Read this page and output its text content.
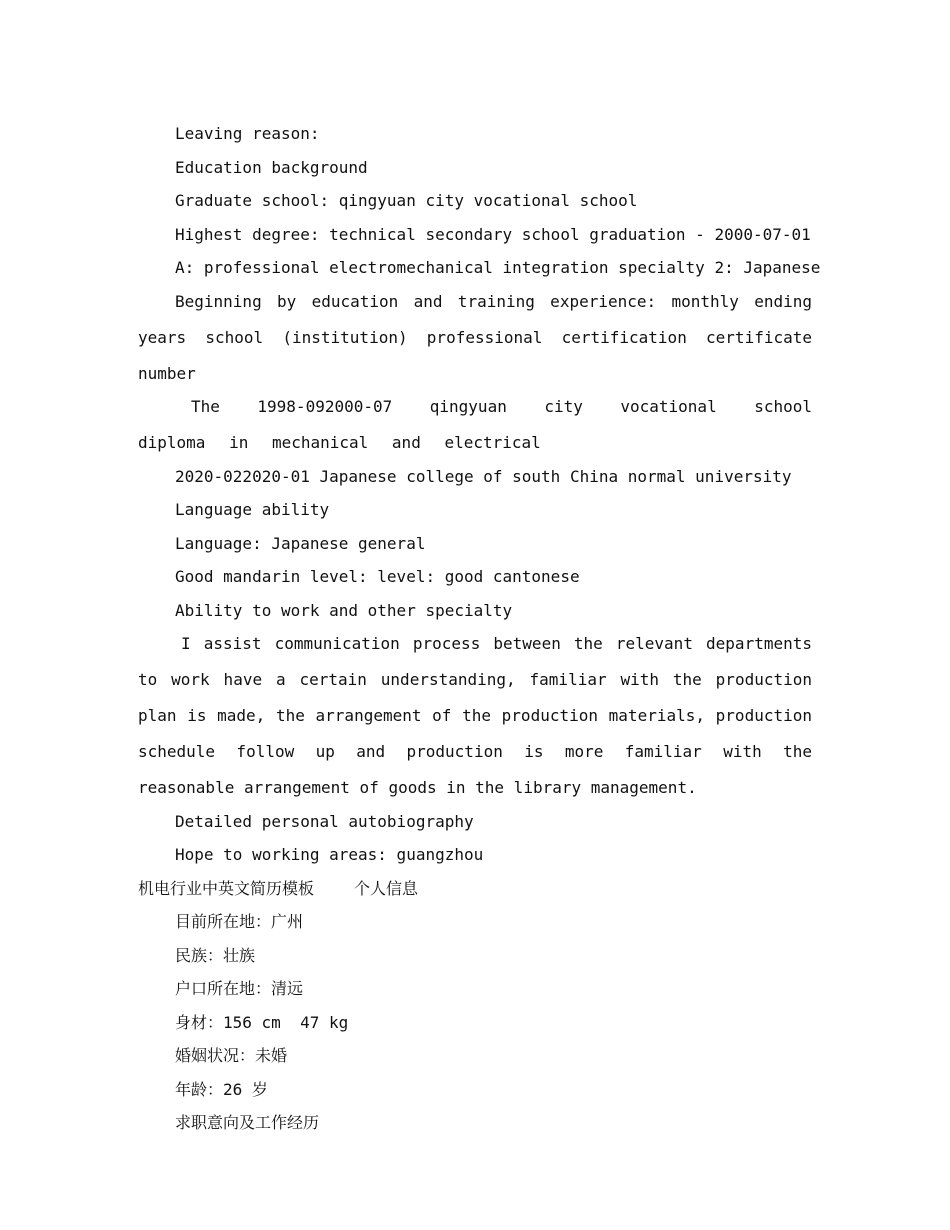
Leaving reason:

Education background

Graduate school: qingyuan city vocational school

Highest degree: technical secondary school graduation - 2000-07-01

A: professional electromechanical integration specialty 2: Japanese

Beginning by education and training experience: monthly ending years school (institution) professional certification certificate number

The 1998-092000-07 qingyuan city vocational school diploma in mechanical and electrical

2020-022020-01 Japanese college of south China normal university

Language ability

Language: Japanese general

Good mandarin level: level: good cantonese

Ability to work and other specialty

I assist communication process between the relevant departments to work have a certain understanding, familiar with the production plan is made, the arrangement of the production materials, production schedule follow up and production is more familiar with the reasonable arrangement of goods in the library management.

Detailed personal autobiography

Hope to working areas: guangzhou

机电行业中英文简历模板	个人信息

目前所在地：广州

民族：壮族

户口所在地：清远

身材：156 cm  47 kg

婚姻状况：未婚

年龄：26 岁

求职意向及工作经历
